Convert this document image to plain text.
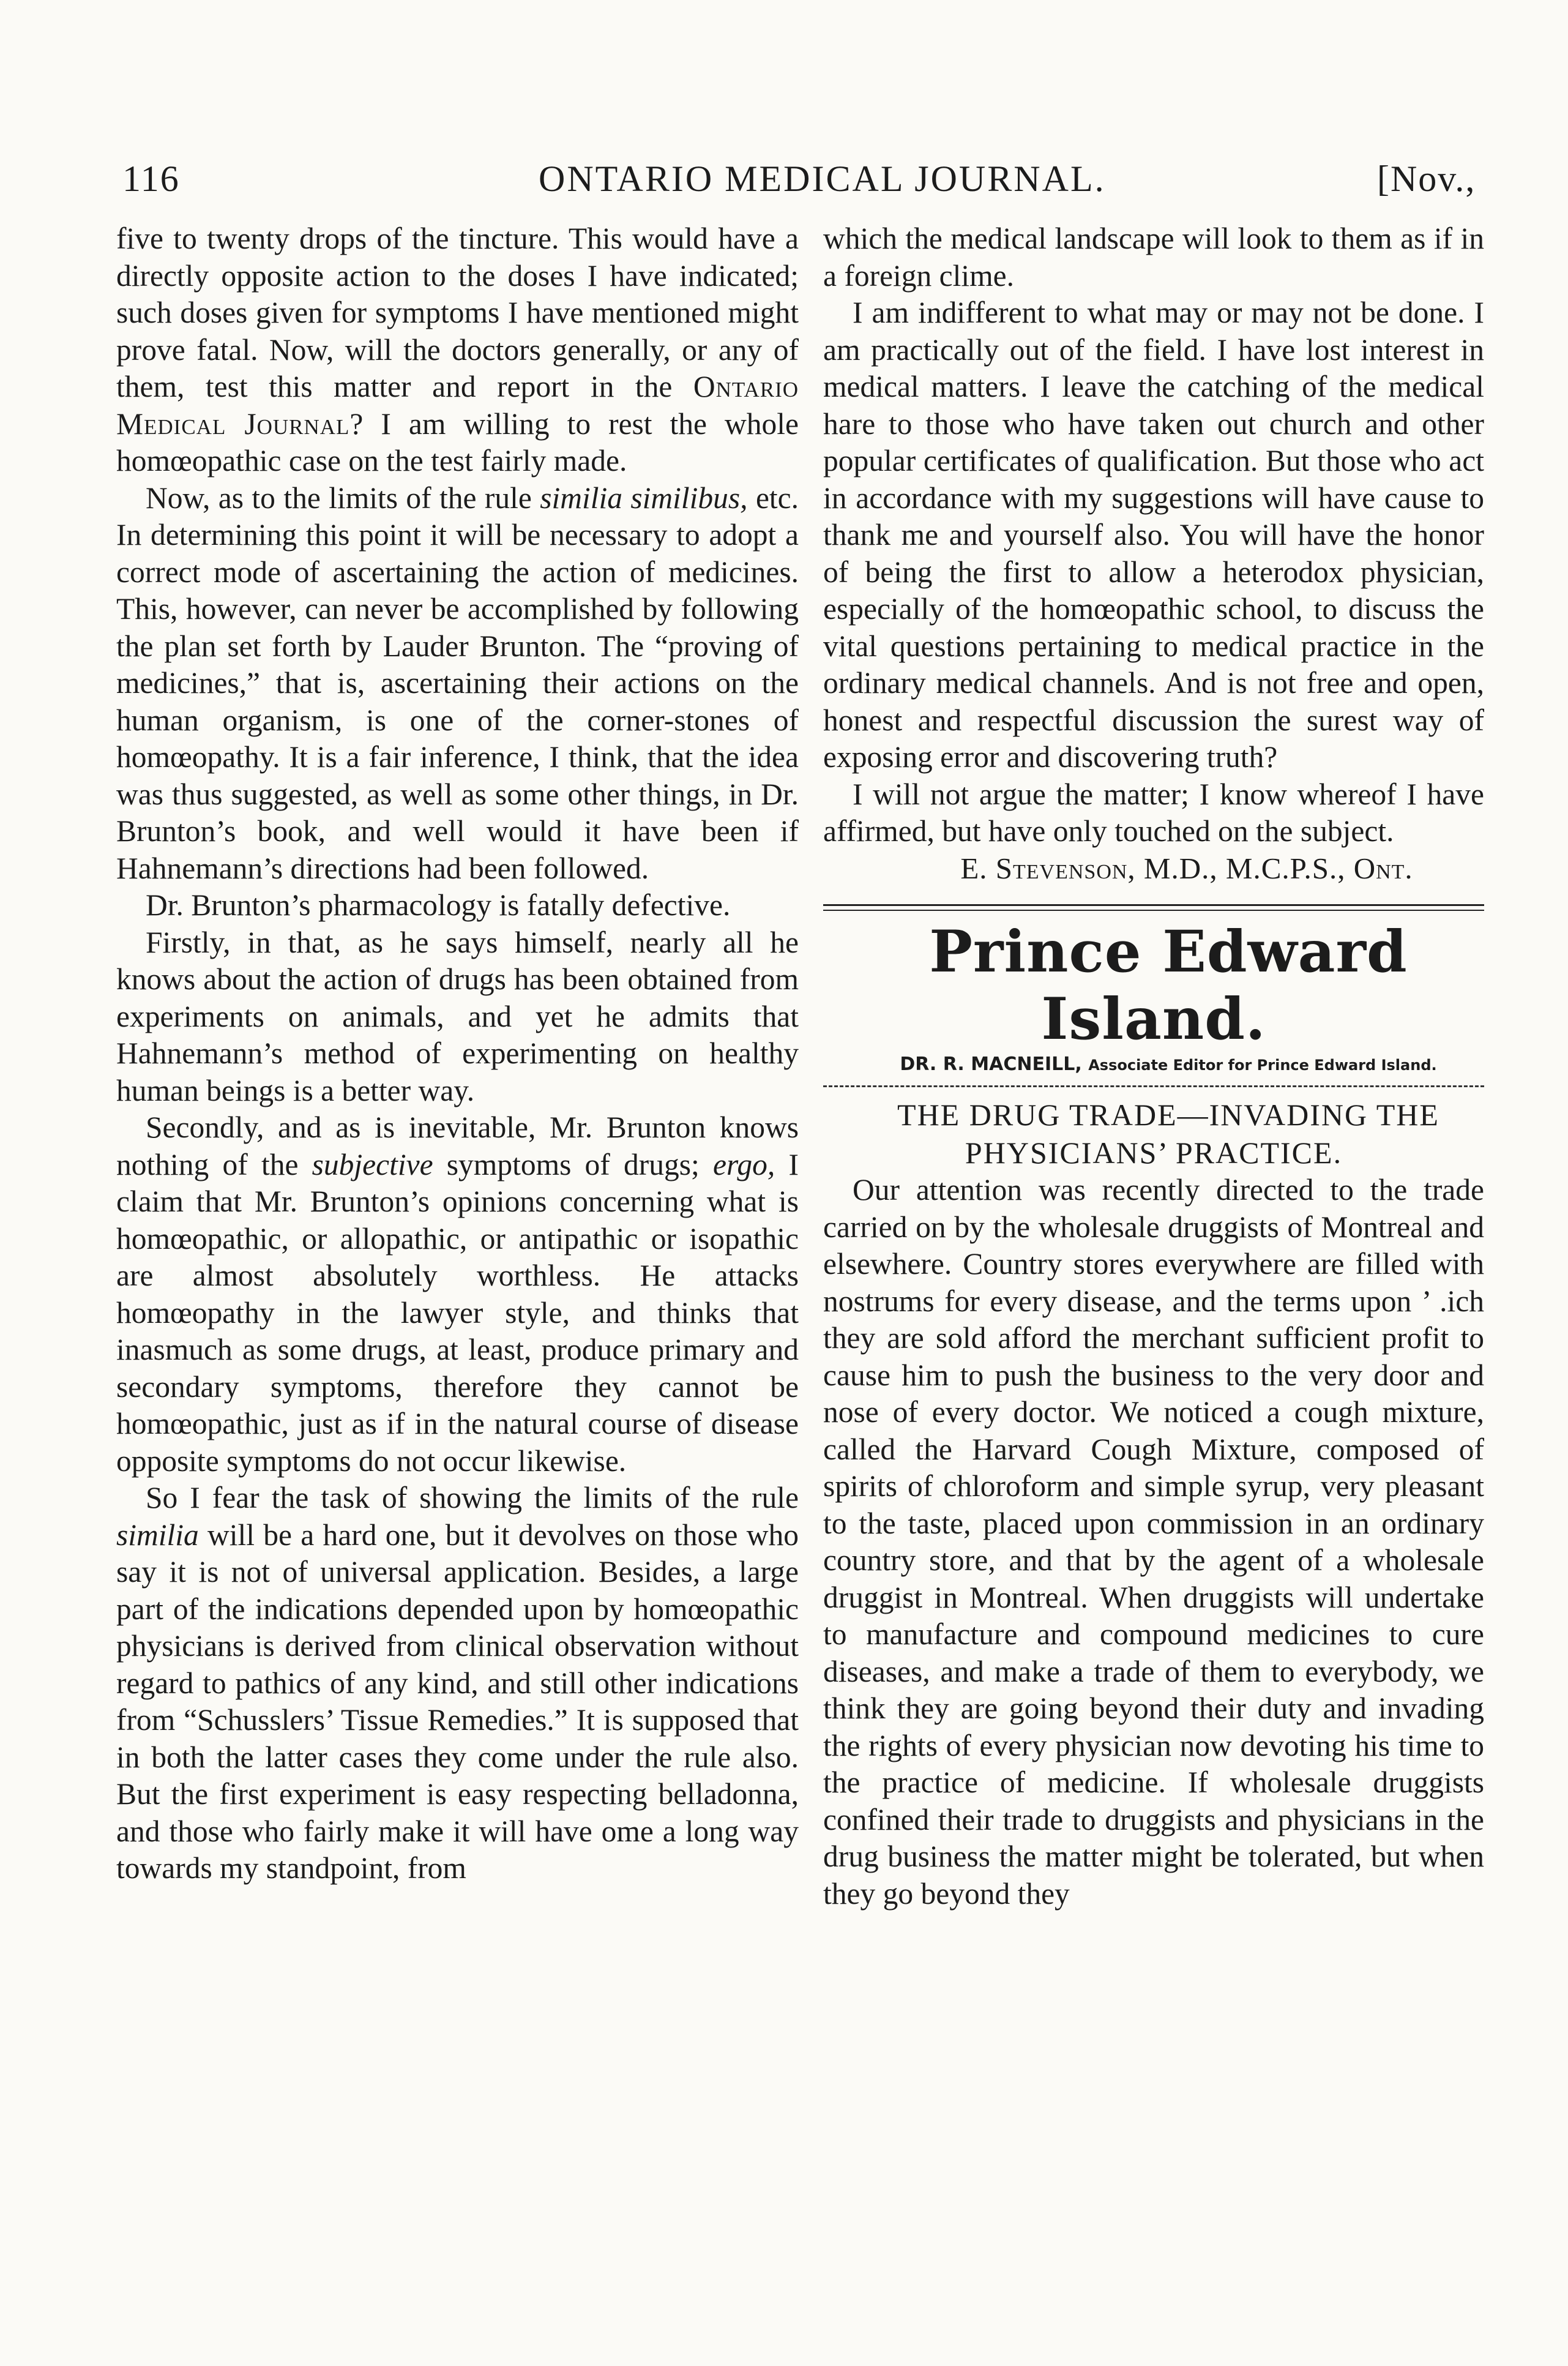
116	ONTARIO MEDICAL JOURNAL.	[Nov.,

five to twenty drops of the tincture. This would have a directly opposite action to the doses I have indicated; such doses given for symptoms I have mentioned might prove fatal. Now, will the doctors generally, or any of them, test this matter and report in the Ontario Medical Journal? I am willing to rest the whole homœopathic case on the test fairly made.

Now, as to the limits of the rule similia similibus, etc. In determining this point it will be necessary to adopt a correct mode of ascertaining the action of medicines. This, however, can never be accomplished by following the plan set forth by Lauder Brunton. The “proving of medicines,” that is, ascertaining their actions on the human organism, is one of the corner-stones of homœopathy. It is a fair inference, I think, that the idea was thus suggested, as well as some other things, in Dr. Brunton’s book, and well would it have been if Hahnemann’s directions had been followed.

Dr. Brunton’s pharmacology is fatally defective.

Firstly, in that, as he says himself, nearly all he knows about the action of drugs has been obtained from experiments on animals, and yet he admits that Hahnemann’s method of experimenting on healthy human beings is a better way.

Secondly, and as is inevitable, Mr. Brunton knows nothing of the subjective symptoms of drugs; ergo, I claim that Mr. Brunton’s opinions concerning what is homœopathic, or allopathic, or antipathic or isopathic are almost absolutely worthless. He attacks homœopathy in the lawyer style, and thinks that inasmuch as some drugs, at least, produce primary and secondary symptoms, therefore they cannot be homœopathic, just as if in the natural course of disease opposite symptoms do not occur likewise.

So I fear the task of showing the limits of the rule similia will be a hard one, but it devolves on those who say it is not of universal application. Besides, a large part of the indications depended upon by homœopathic physicians is derived from clinical observation without regard to pathics of any kind, and still other indications from “Schusslers’ Tissue Remedies.” It is supposed that in both the latter cases they come under the rule also. But the first experiment is easy respecting belladonna, and those who fairly make it will have ome a long way towards my standpoint, from

which the medical landscape will look to them as if in a foreign clime.

I am indifferent to what may or may not be done. I am practically out of the field. I have lost interest in medical matters. I leave the catching of the medical hare to those who have taken out church and other popular certificates of qualification. But those who act in accordance with my suggestions will have cause to thank me and yourself also. You will have the honor of being the first to allow a heterodox physician, especially of the homœopathic school, to discuss the vital questions pertaining to medical practice in the ordinary medical channels. And is not free and open, honest and respectful discussion the surest way of exposing error and discovering truth?

I will not argue the matter; I know whereof I have affirmed, but have only touched on the subject.

E. Stevenson, M.D., M.C.P.S., Ont.

Prince Edward Island.

DR. R. MACNEILL, Associate Editor for Prince Edward Island.

THE DRUG TRADE—INVADING THE PHYSICIANS’ PRACTICE.

Our attention was recently directed to the trade carried on by the wholesale druggists of Montreal and elsewhere. Country stores everywhere are filled with nostrums for every disease, and the terms upon ’ .ich they are sold afford the merchant sufficient profit to cause him to push the business to the very door and nose of every doctor. We noticed a cough mixture, called the Harvard Cough Mixture, composed of spirits of chloroform and simple syrup, very pleasant to the taste, placed upon commission in an ordinary country store, and that by the agent of a wholesale druggist in Montreal. When druggists will undertake to manufacture and compound medicines to cure diseases, and make a trade of them to everybody, we think they are going beyond their duty and invading the rights of every physician now devoting his time to the practice of medicine. If wholesale druggists confined their trade to druggists and physicians in the drug business the matter might be tolerated, but when they go beyond they
